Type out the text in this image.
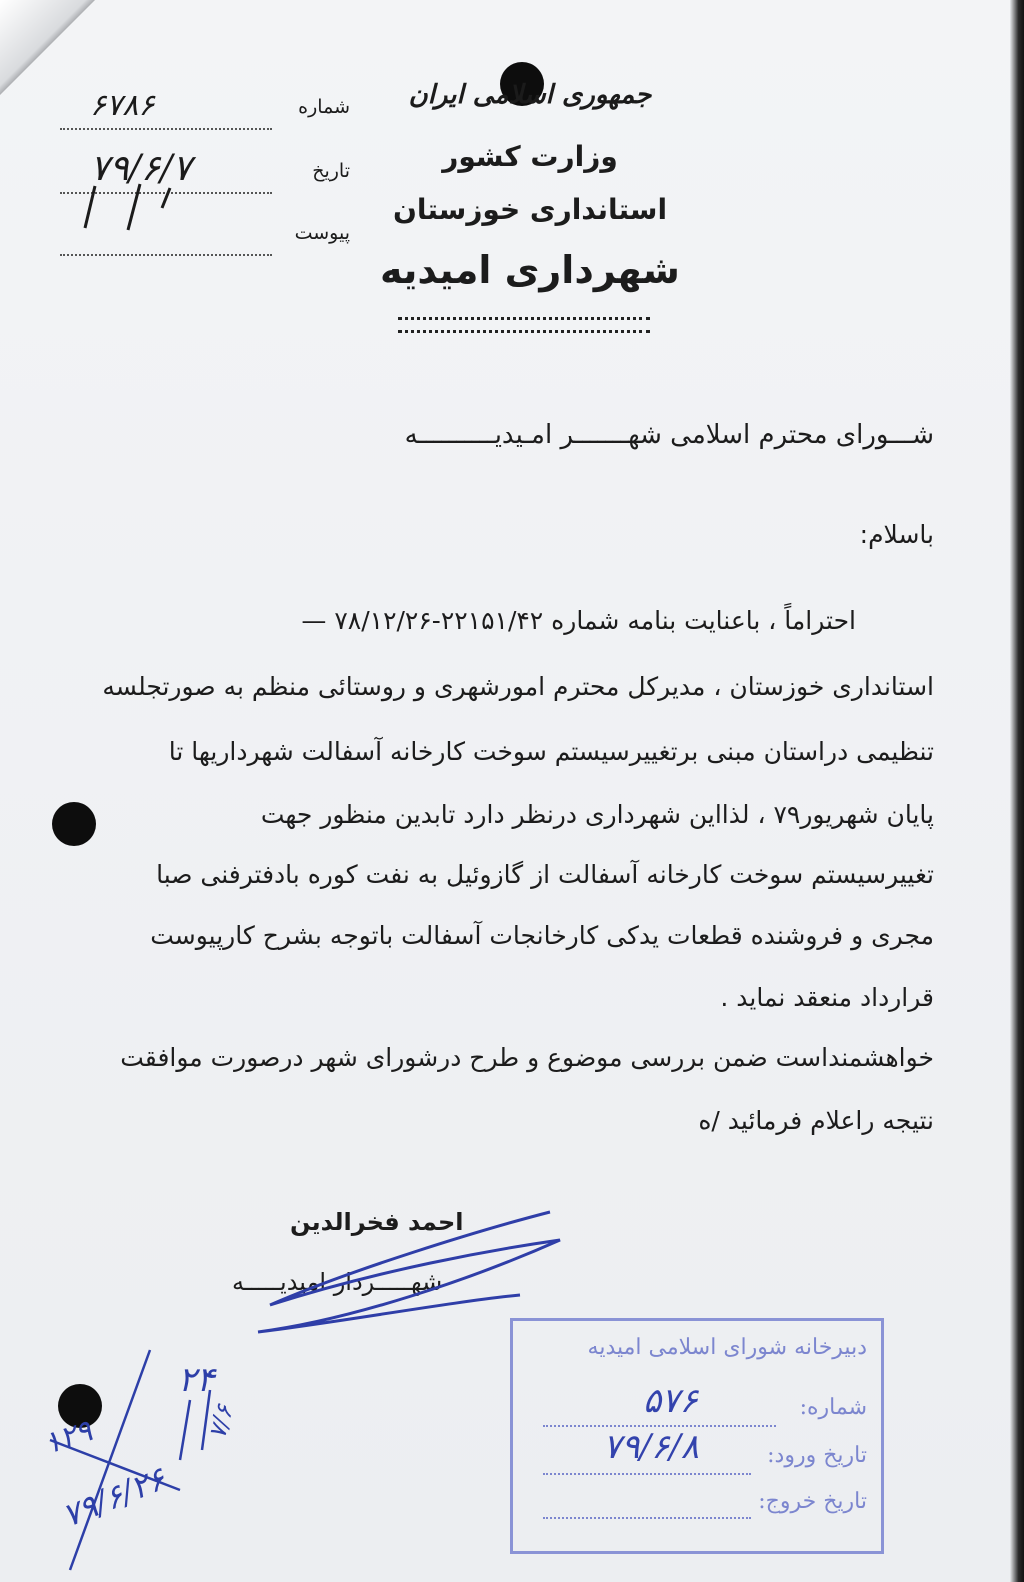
شماره
۶۷۸۶
تاریخ
۷۹/۶/۷
پیوست
جمهوری اسلامی ایران
وزارت کشور
استانداری خوزستان
شهرداری امیدیه
شـــوراى محترم اسلامى شهـــــــر امـيديــــــــــه
باسلام:
احتراماً ، باعنایت بنامه شماره ۲۲۱۵۱/۴۲-۷۸/۱۲/۲۶ —
استانداری خوزستان ، مدیرکل محترم امورشهری و روستائی منظم به صورتجلسه
تنظیمی دراستان مبنی برتغییرسیستم سوخت کارخانه آسفالت شهرداریها تا
پایان شهریور۷۹ ، لذااین شهرداری درنظر دارد تابدین منظور جهت
تغییرسیستم سوخت کارخانه آسفالت از گازوئیل به نفت کوره بادفترفنی صبا
مجری و فروشنده قطعات یدکی کارخانجات آسفالت باتوجه بشرح کارپیوست
قرارداد منعقد نماید .
خواهشمنداست ضمن بررسی موضوع و طرح درشورای شهر درصورت موافقت
نتیجه راعلام فرمائید /ه
احمد فخرالدین
شهـــــردار امیدیـــــه
۱۲۹
۷۹/۶/۲۶
۲۴
۷/۶
دبیرخانه شورای اسلامی امیدیه
شماره:
۵۷۶
تاریخ ورود:
۷۹/۶/۸
تاریخ خروج:
